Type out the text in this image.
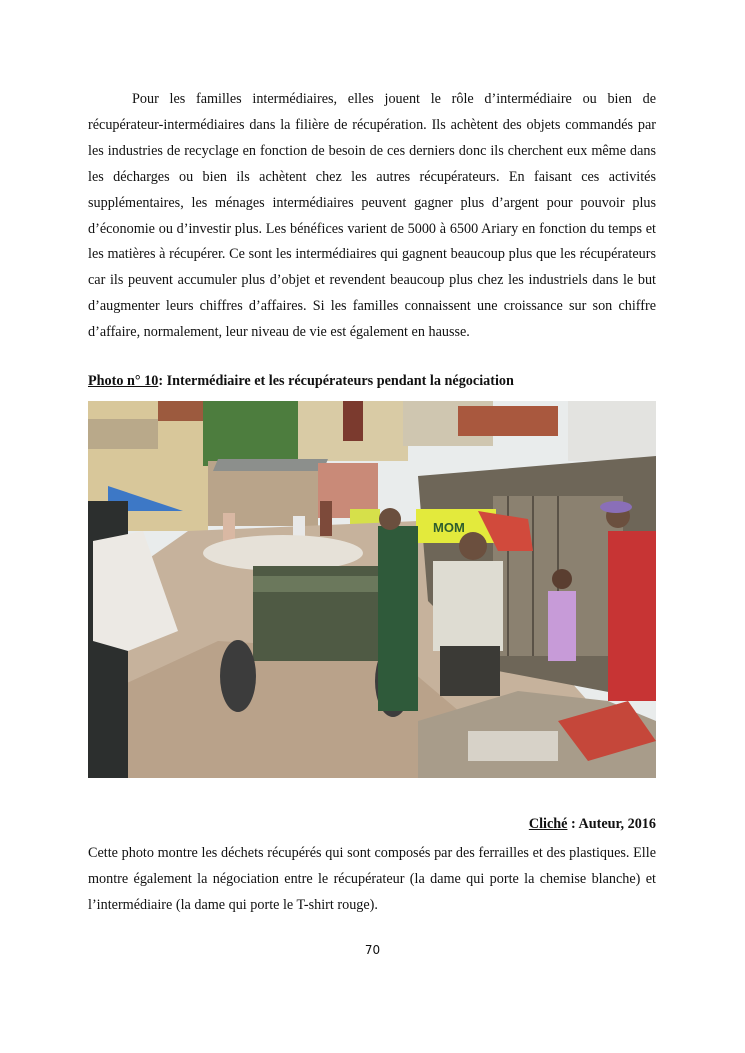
Pour les familles intermédiaires, elles jouent le rôle d’intermédiaire ou bien de récupérateur-intermédiaires dans la filière de récupération. Ils achètent des objets commandés par les industries de recyclage en fonction de besoin de ces derniers donc ils cherchent eux même dans les décharges ou bien ils achètent chez les autres récupérateurs. En faisant ces activités supplémentaires, les ménages intermédiaires peuvent gagner plus d’argent pour pouvoir plus d’économie ou d’investir plus. Les bénéfices varient de 5000 à 6500 Ariary en fonction du temps et les matières à récupérer. Ce sont les intermédiaires qui gagnent beaucoup plus que les récupérateurs car ils peuvent accumuler plus d’objet et revendent beaucoup plus chez les industriels dans le but d’augmenter leurs chiffres d’affaires. Si les familles connaissent une croissance sur son chiffre d’affaire, normalement, leur niveau de vie est également en hausse.

Photo n° 10: Intermédiaire et les récupérateurs pendant la négociation

MOM

Cliché : Auteur, 2016

Cette photo montre les déchets récupérés qui sont composés par des ferrailles et des plastiques. Elle montre également la négociation entre le récupérateur (la dame qui porte la chemise blanche) et l’intermédiaire (la dame qui porte le T-shirt rouge).

70
